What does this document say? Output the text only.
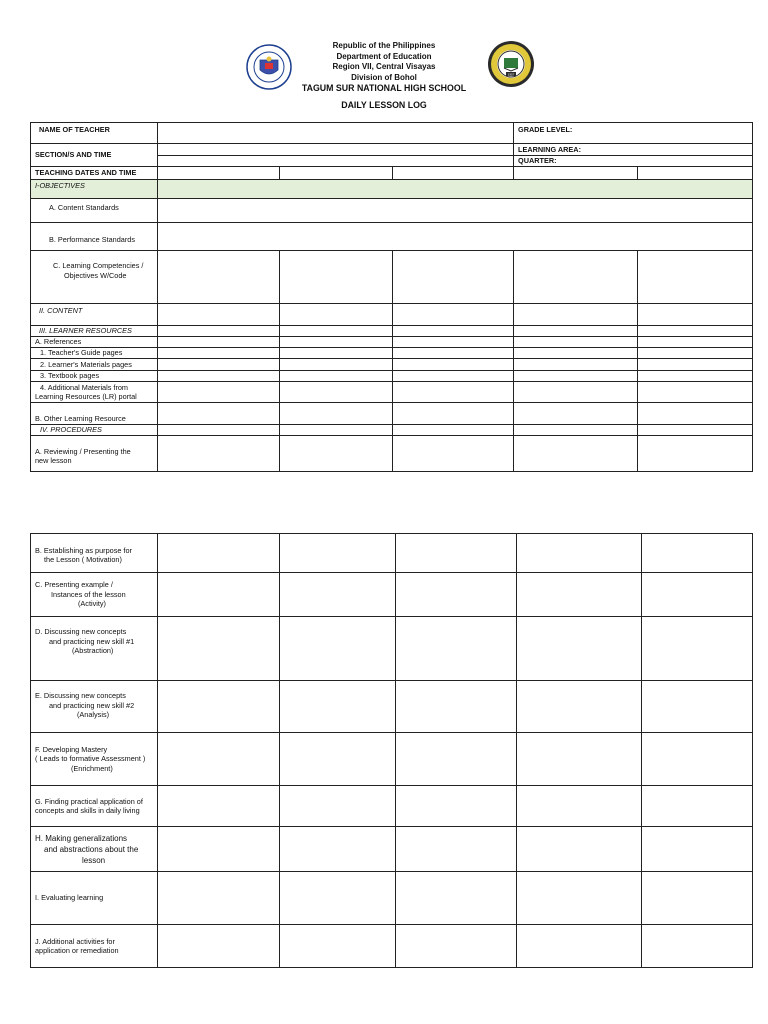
1957
Republic of the Philippines
Department of Education
Region VII, Central Visayas
Division of Bohol
TAGUM SUR NATIONAL HIGH SCHOOL
DAILY LESSON LOG
NAME OF TEACHER				GRADE LEVEL:	
SECTION/S AND TIME				LEARNING AREA:	
				QUARTER:	
TEACHING DATES AND TIME					
I-OBJECTIVES					
A. Content Standards					
B. Performance Standards					

C. Learning Competencies /
Objectives W/Code					

II. CONTENT					
III. LEARNER RESOURCES					
A. References					
1. Teacher's Guide pages					
2. Learner's Materials pages					
3. Textbook pages					

4. Additional Materials from
Learning Resources (LR) portal					

B. Other Learning Resource					
IV. PROCEDURES					

A. Reviewing / Presenting the
new lesson					

B. Establishing as purpose for
the Lesson ( Motivation)					

C. Presenting example /
Instances of the lesson
(Activity)					

D. Discussing new concepts
and practicing new skill #1
(Abstraction)					

E. Discussing new concepts
and practicing new skill #2
(Analysis)					

F. Developing Mastery
( Leads to formative Assessment )
(Enrichment)					

G. Finding practical application of
concepts and skills in daily living					

H. Making generalizations
and abstractions about the
lesson					

I. Evaluating learning					

J. Additional activities for
application or remediation					
